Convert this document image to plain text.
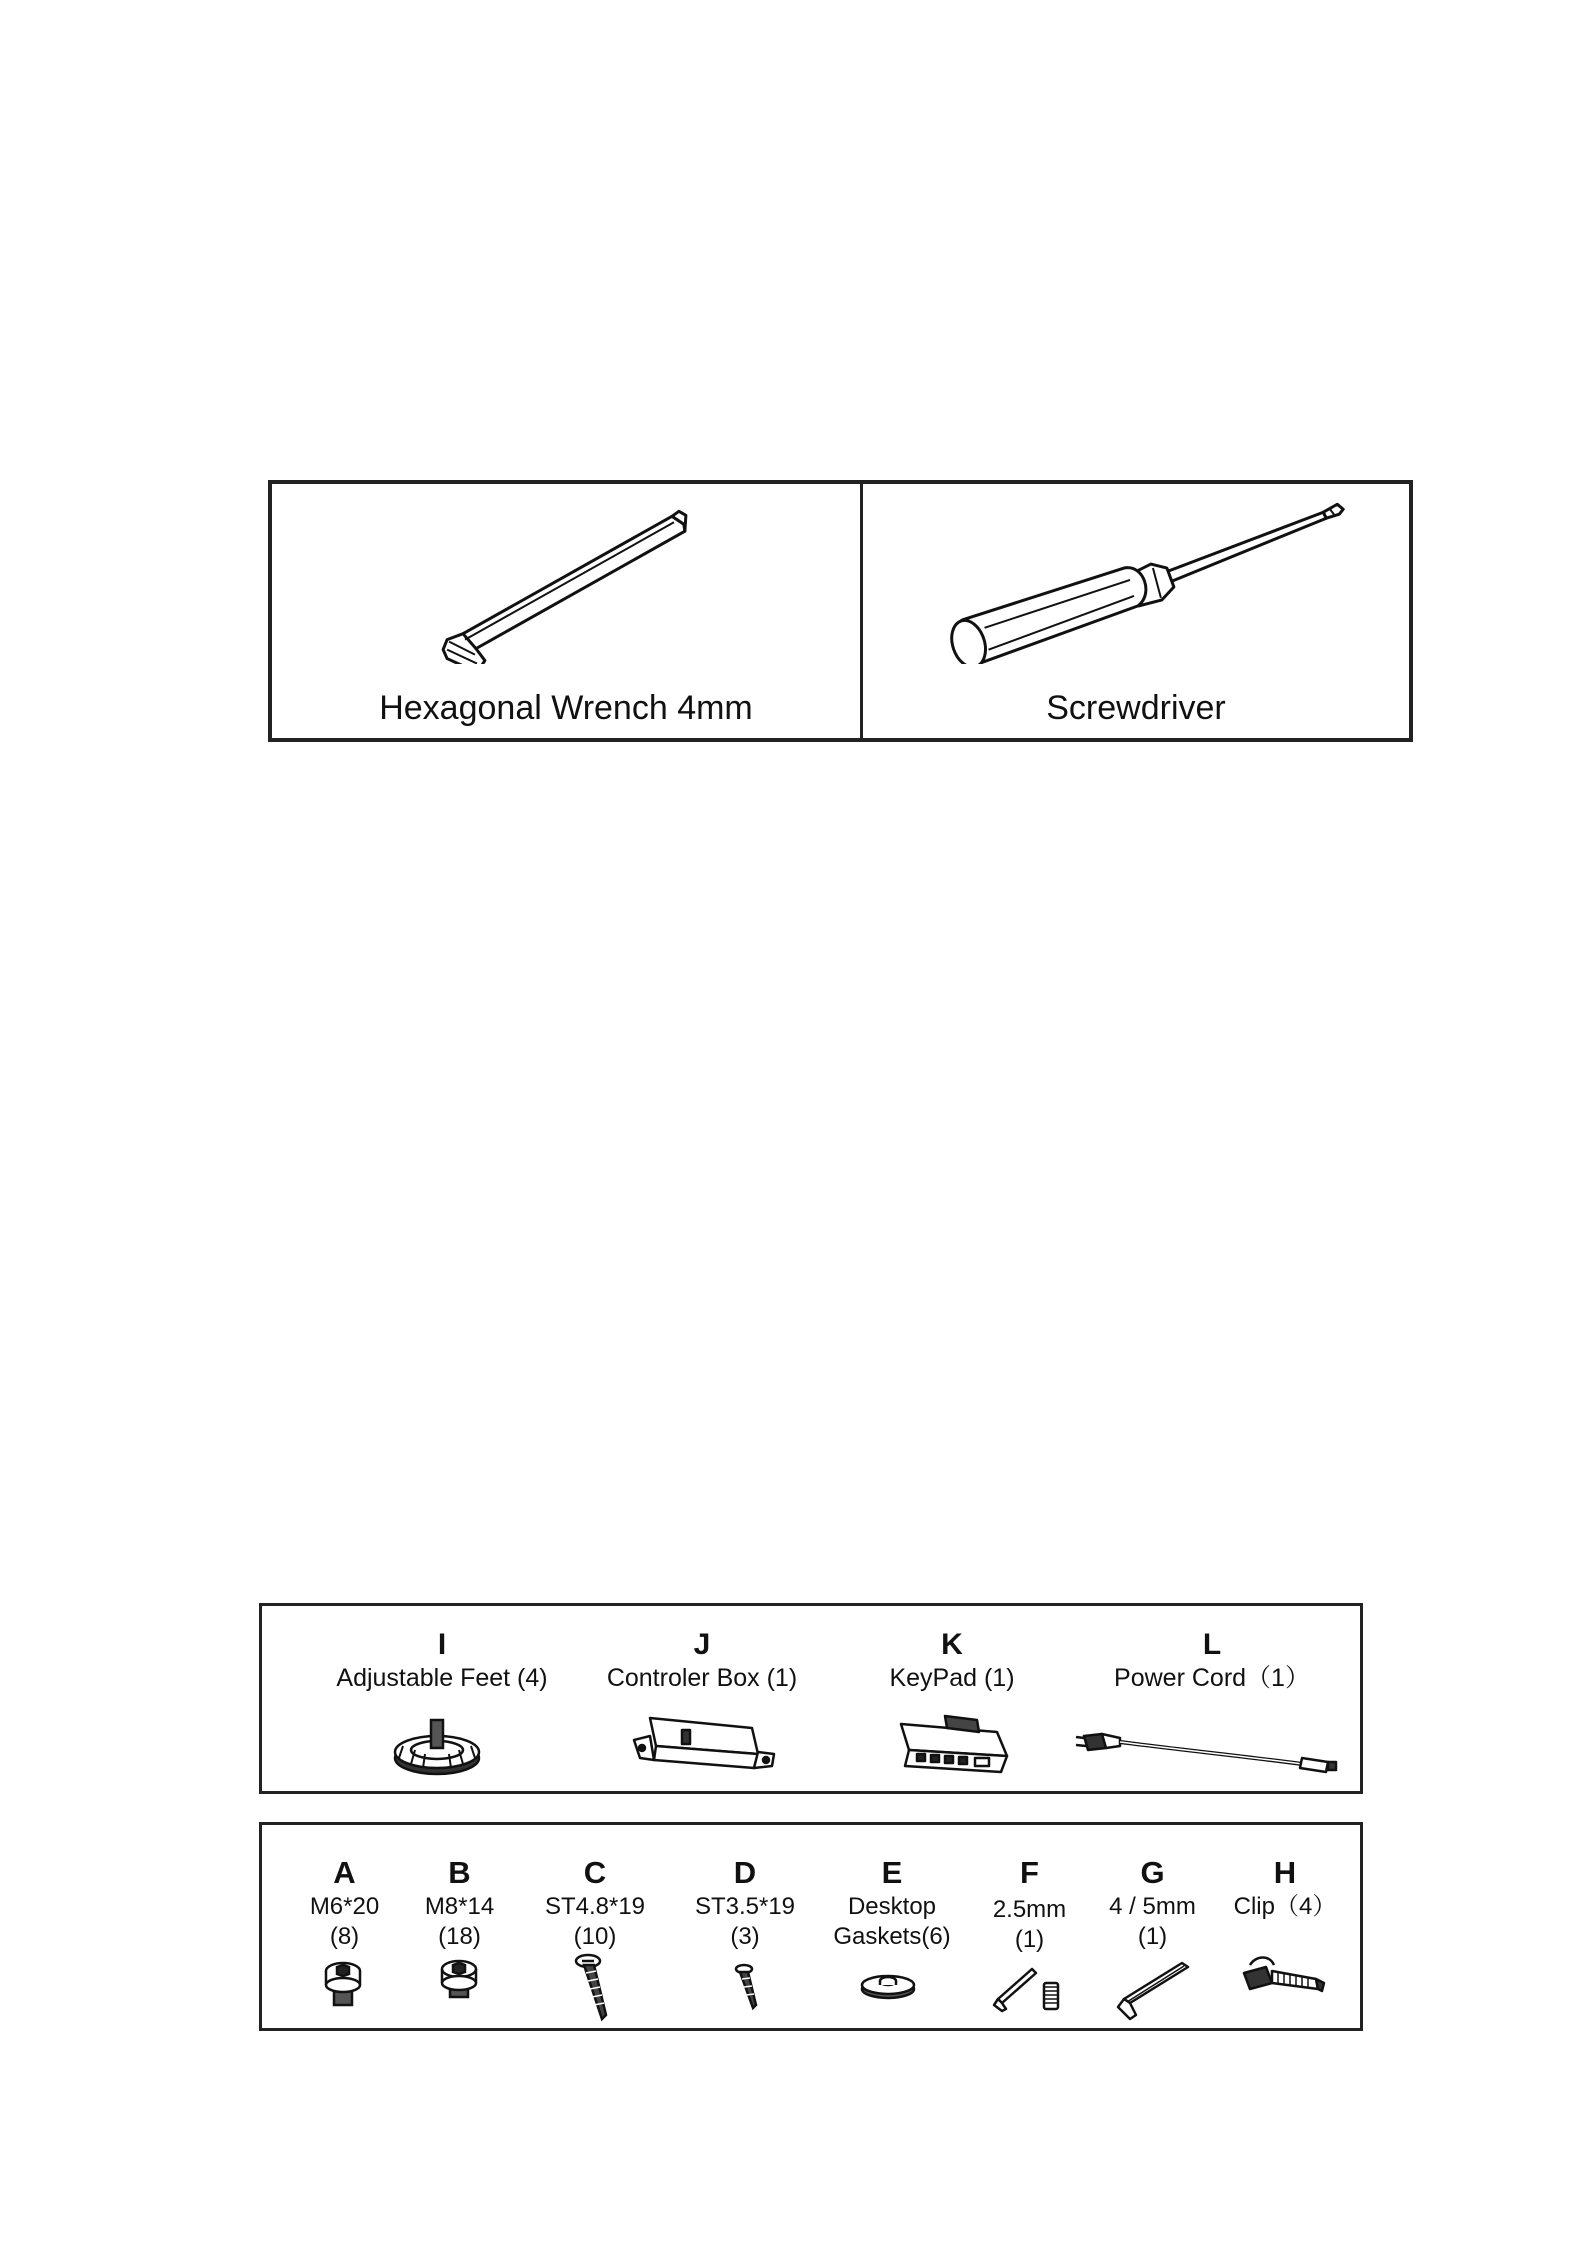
Hexagonal Wrench 4mm	Screwdriver
I
Adjustable Feet (4)
J
Controler Box (1)
K
KeyPad (1)
L
Power Cord（1）
A
M6*20
(8)
B
M8*14
(18)
C
ST4.8*19
(10)
D
ST3.5*19
(3)
E
Desktop
Gaskets(6)
F
2.5mm
(1)
G
4 / 5mm
(1)
H
Clip（4）
